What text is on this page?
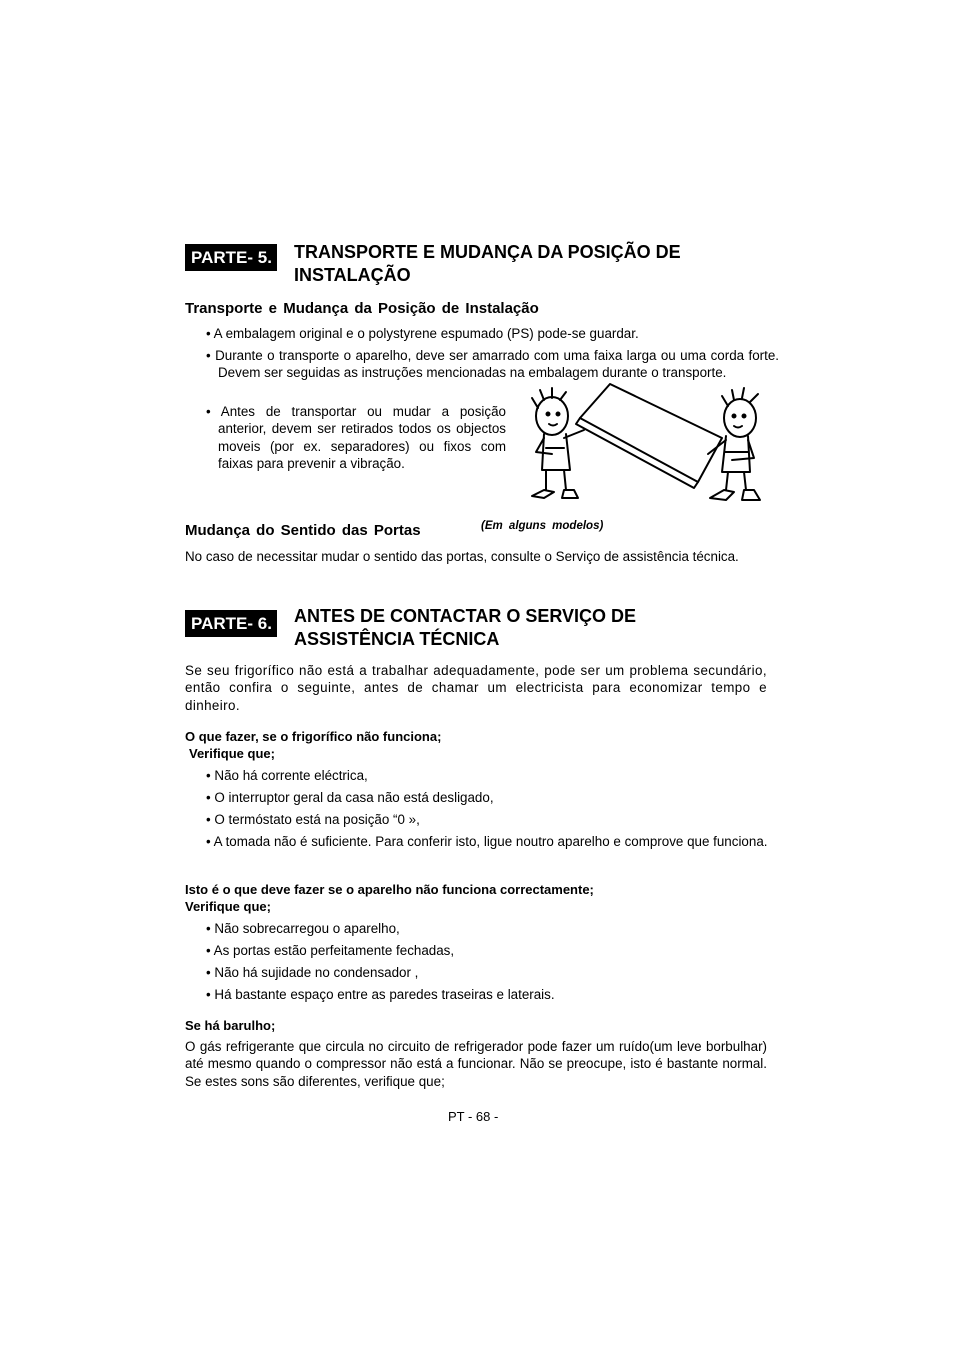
PARTE- 5. TRANSPORTE E MUDANÇA DA POSIÇÃO DE
INSTALAÇÃO
Transporte e Mudança da Posição de Instalação
• A embalagem original e o polystyrene espumado (PS) pode-se guardar.
• Durante o transporte o aparelho, deve ser amarrado com uma faixa larga ou uma corda forte. Devem ser seguidas as instruções mencionadas na embalagem durante o transporte.
• Antes de transportar ou mudar a posição anterior, devem ser retirados todos os objectos moveis (por ex. separadores) ou fixos com faixas para prevenir a vibração.
Mudança do Sentido das Portas	(Em alguns modelos)
No caso de necessitar mudar o sentido das portas, consulte o Serviço de assistência técnica.
PARTE- 6. ANTES DE CONTACTAR O SERVIÇO DE
ASSISTÊNCIA TÉCNICA
Se seu frigorífico não está a trabalhar adequadamente, pode ser um problema secundário, então confira o seguinte, antes de chamar um electricista para economizar tempo e dinheiro.
O que fazer, se o frigorífico não funciona;
Verifique que;
• Não há corrente eléctrica,
• O interruptor geral da casa não está desligado,
• O termóstato está na posição “0 »,
• A tomada não é suficiente. Para conferir isto, ligue noutro aparelho e comprove que funciona.
Isto é o que deve fazer se o aparelho não funciona correctamente;
Verifique que;
• Não sobrecarregou o aparelho,
• As portas estão perfeitamente fechadas,
• Não há sujidade no condensador ,
• Há bastante espaço entre as paredes traseiras e laterais.
Se há barulho;
O gás refrigerante que circula no circuito de refrigerador pode fazer um ruído(um leve borbulhar) até mesmo quando o compressor não está a funcionar. Não se preocupe, isto é bastante normal. Se estes sons são diferentes, verifique que;
PT - 68 -
